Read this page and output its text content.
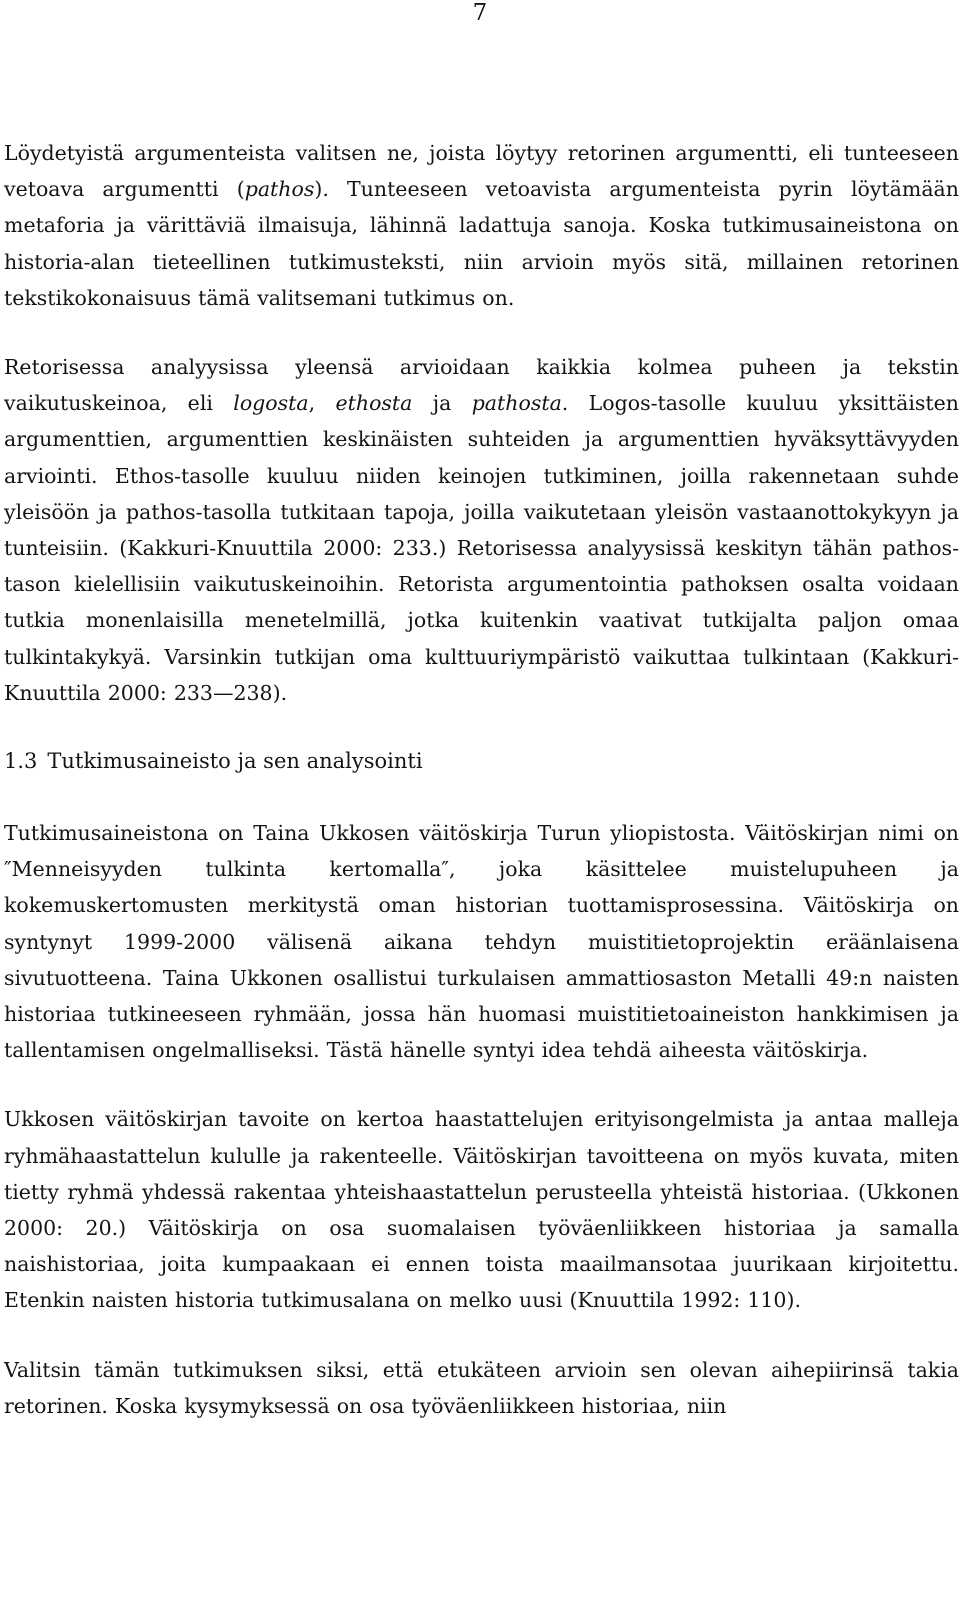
7

Löydetyistä argumenteista valitsen ne, joista löytyy retorinen argumentti, eli tunteeseen vetoava argumentti (pathos). Tunteeseen vetoavista argumenteista pyrin löytämään metaforia ja värittäviä ilmaisuja, lähinnä ladattuja sanoja. Koska tutkimusaineistona on historia-alan tieteellinen tutkimusteksti, niin arvioin myös sitä, millainen retorinen tekstikokonaisuus tämä valitsemani tutkimus on.

Retorisessa analyysissa yleensä arvioidaan kaikkia kolmea puheen ja tekstin vaikutuskeinoa, eli logosta, ethosta ja pathosta. Logos-tasolle kuuluu yksittäisten argumenttien, argumenttien keskinäisten suhteiden ja argumenttien hyväksyttävyyden arviointi. Ethos-tasolle kuuluu niiden keinojen tutkiminen, joilla rakennetaan suhde yleisöön ja pathos-tasolla tutkitaan tapoja, joilla vaikutetaan yleisön vastaanottokykyyn ja tunteisiin. (Kakkuri-Knuuttila 2000: 233.) Retorisessa analyysissä keskityn tähän pathos-tason kielellisiin vaikutuskeinoihin. Retorista argumentointia pathoksen osalta voidaan tutkia monenlaisilla menetelmillä, jotka kuitenkin vaativat tutkijalta paljon omaa tulkintakykyä. Varsinkin tutkijan oma kulttuuriympäristö vaikuttaa tulkintaan (Kakkuri-Knuuttila 2000: 233—238).

1.3 Tutkimusaineisto ja sen analysointi

Tutkimusaineistona on Taina Ukkosen väitöskirja Turun yliopistosta. Väitöskirjan nimi on ″Menneisyyden tulkinta kertomalla″, joka käsittelee muistelupuheen ja kokemuskertomusten merkitystä oman historian tuottamisprosessina. Väitöskirja on syntynyt 1999-2000 välisenä aikana tehdyn muistitietoprojektin eräänlaisena sivutuotteena. Taina Ukkonen osallistui turkulaisen ammattiosaston Metalli 49:n naisten historiaa tutkineeseen ryhmään, jossa hän huomasi muistitietoaineiston hankkimisen ja tallentamisen ongelmalliseksi. Tästä hänelle syntyi idea tehdä aiheesta väitöskirja.

Ukkosen väitöskirjan tavoite on kertoa haastattelujen erityisongelmista ja antaa malleja ryhmähaastattelun kululle ja rakenteelle. Väitöskirjan tavoitteena on myös kuvata, miten tietty ryhmä yhdessä rakentaa yhteishaastattelun perusteella yhteistä historiaa. (Ukkonen 2000: 20.) Väitöskirja on osa suomalaisen työväenliikkeen historiaa ja samalla naishistoriaa, joita kumpaakaan ei ennen toista maailmansotaa juurikaan kirjoitettu. Etenkin naisten historia tutkimusalana on melko uusi (Knuuttila 1992: 110).

Valitsin tämän tutkimuksen siksi, että etukäteen arvioin sen olevan aihepiirinsä takia retorinen. Koska kysymyksessä on osa työväenliikkeen historiaa, niin
